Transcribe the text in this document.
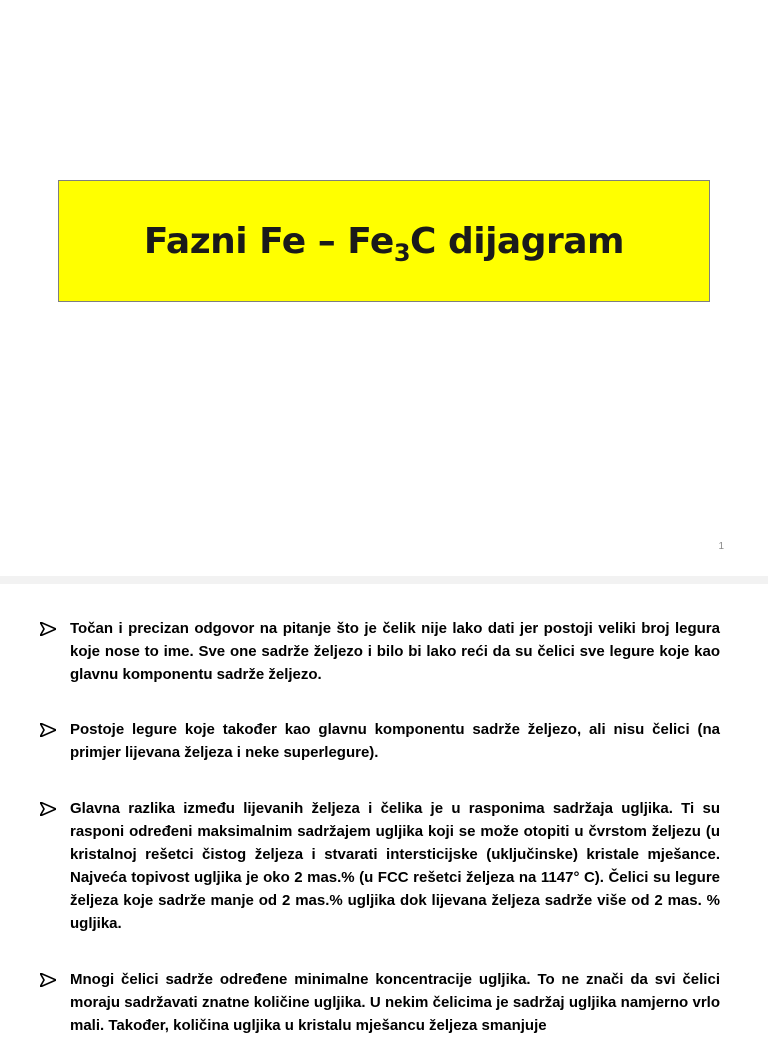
Fazni Fe – $Fe_3C$ dijagram
1
Točan i precizan odgovor na pitanje što je čelik nije lako dati jer postoji veliki broj legura koje nose to ime. Sve one sadrže željezo i bilo bi lako reći da su čelici sve legure koje kao glavnu komponentu sadrže željezo.
Postoje legure koje također kao glavnu komponentu sadrže željezo, ali nisu čelici (na primjer lijevana željeza i neke superlegure).
Glavna razlika između lijevanih željeza i čelika je u rasponima sadržaja ugljika. Ti su rasponi određeni maksimalnim sadržajem ugljika koji se može otopiti u čvrstom željezu (u kristalnoj rešetci čistog željeza i stvarati intersticijske (uključinske) kristale mješance. Najveća topivost ugljika je oko 2 mas.% (u FCC rešetci željeza na 1147° C). Čelici su legure željeza koje sadrže manje od 2 mas.% ugljika dok lijevana željeza sadrže više od 2 mas. % ugljika.
Mnogi čelici sadrže određene minimalne koncentracije ugljika. To ne znači da svi čelici moraju sadržavati znatne količine ugljika. U nekim čelicima je sadržaj ugljika namjerno vrlo mali. Također, količina ugljika u kristalu mješancu željeza smanjuje
